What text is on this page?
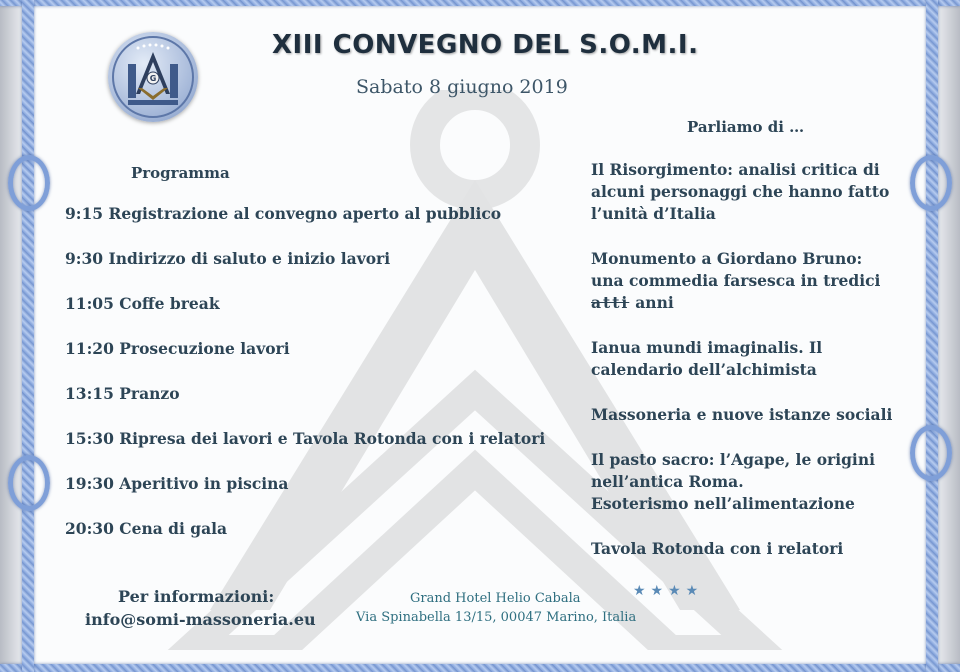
G
XIII CONVEGNO DEL S.O.M.I.
Sabato 8 giugno 2019
Parliamo di …
Programma
9:15 Registrazione al convegno aperto al pubblico
9:30 Indirizzo di saluto e inizio lavori
11:05 Coffe break
11:20 Prosecuzione lavori
13:15 Pranzo
15:30 Ripresa dei lavori e Tavola Rotonda con i relatori
19:30 Aperitivo in piscina
20:30 Cena di gala
Il Risorgimento: analisi critica di
alcuni personaggi che hanno fatto
l’unità d’Italia
Monumento a Giordano Bruno:
una commedia farsesca in tredici
atti anni
Ianua mundi imaginalis. Il
calendario dell’alchimista
Massoneria e nuove istanze sociali
Il pasto sacro: l’Agape, le origini
nell’antica Roma.
Esoterismo nell’alimentazione
Tavola Rotonda con i relatori
Per informazioni:
info@somi-massoneria.eu
Grand Hotel Helio Cabala
Via Spinabella 13/15, 00047 Marino, Italia
★★★★
